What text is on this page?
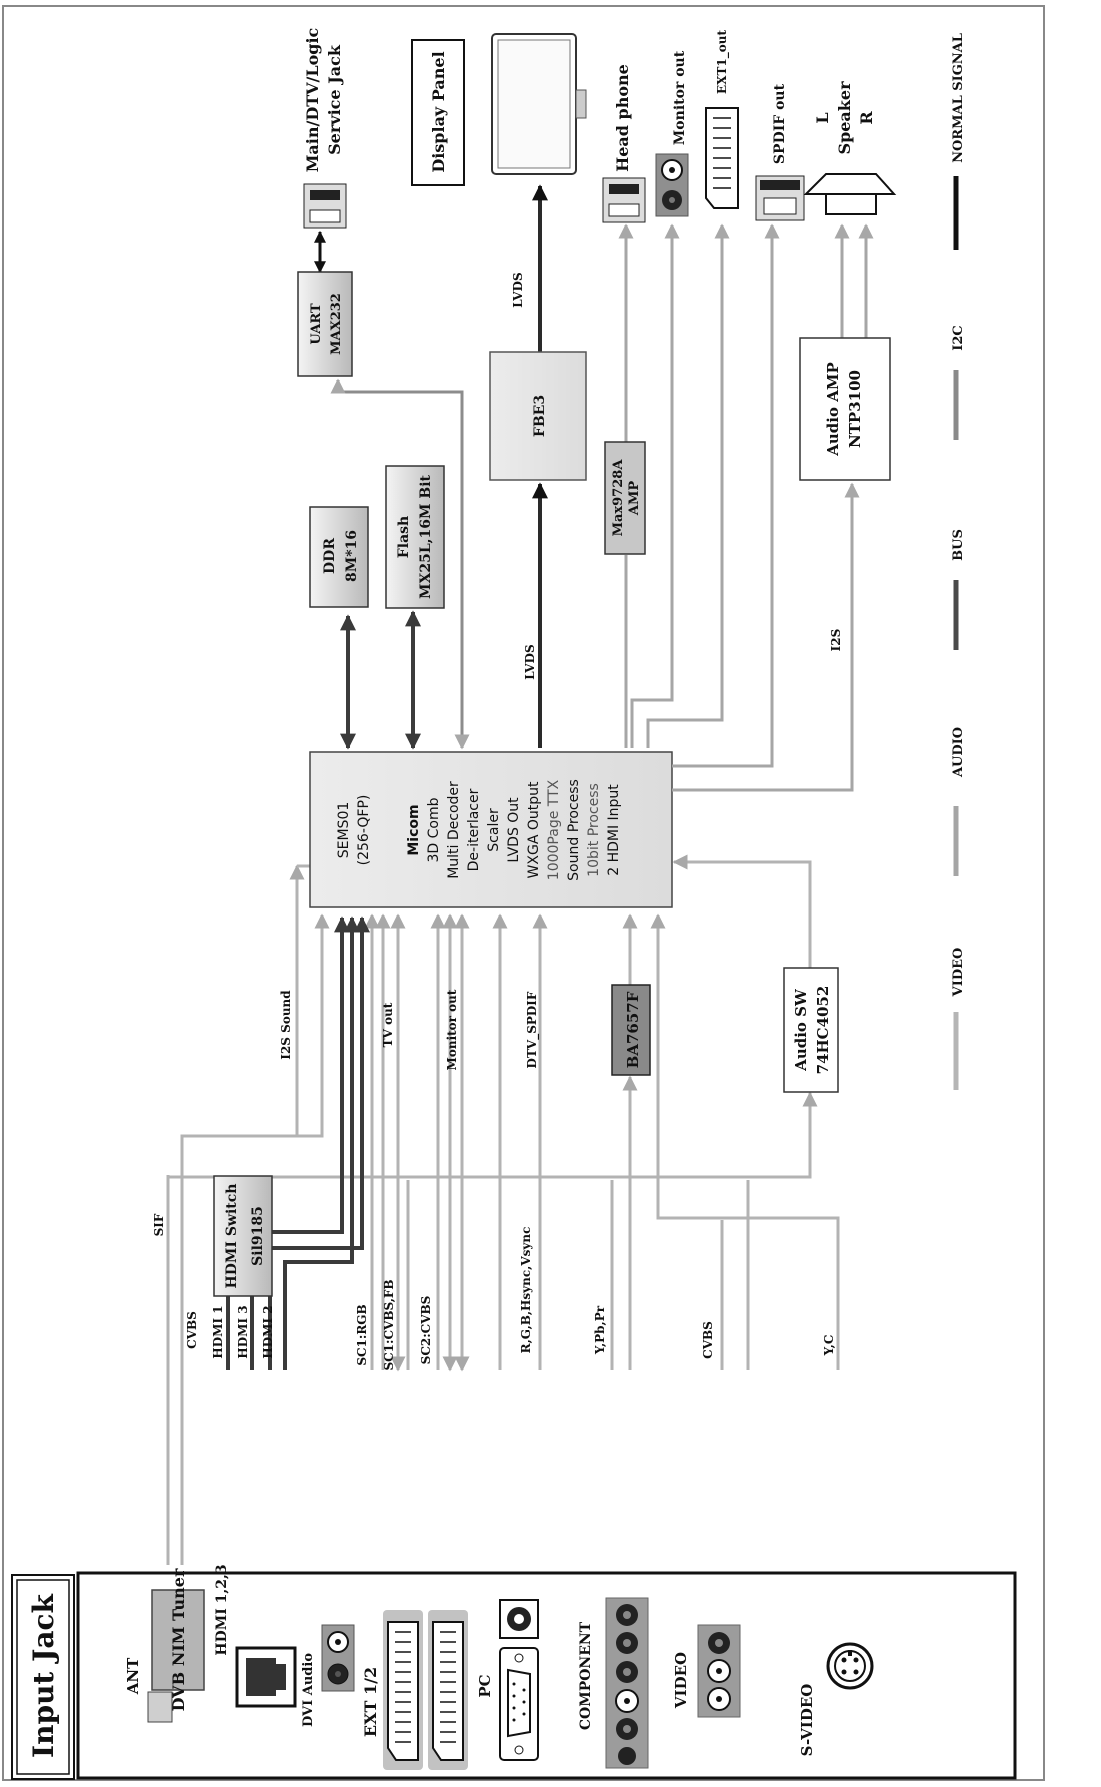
Input Jack	ANT DVB NIM Tuner HDMI 1,2,3
DVI Audio	EXT 1/2	PC	COMPONENT	VIDEO
S-VIDEO
HDMI Switch Sil9185
SIF
CVBS HDMI 1 HDMI 3 HDMI 2	SC1:RGB SC1:CVBS,FB SC2:CVBS	R,G,B,Hsync,Vsync	Y,Pb,Pr	CVBS	Y,C
I2S Sound	TV out	Monitor out	DTV_SPDIF
LVDS
LVDS
I2S
BA7657F	Audio SW 74HC4052
SEMS01 (256-QFP) Micom 3D Comb Multi Decoder De-iterlacer Scaler LVDS Out WXGA Output 1000Page TTX Sound Process 10bit Process 2 HDMI Input
DDR 8M*16	Flash MX25L,16M Bit
UART MAX232
FBE3
Max9728A AMP
Audio AMP NTP3100
Main/DTV/Logic Service Jack	Display Panel	Head phone	Monitor out EXT1_out
SPDIF out L Speaker R	NORMAL SIGNAL
I2C
BUS
AUDIO
VIDEO
